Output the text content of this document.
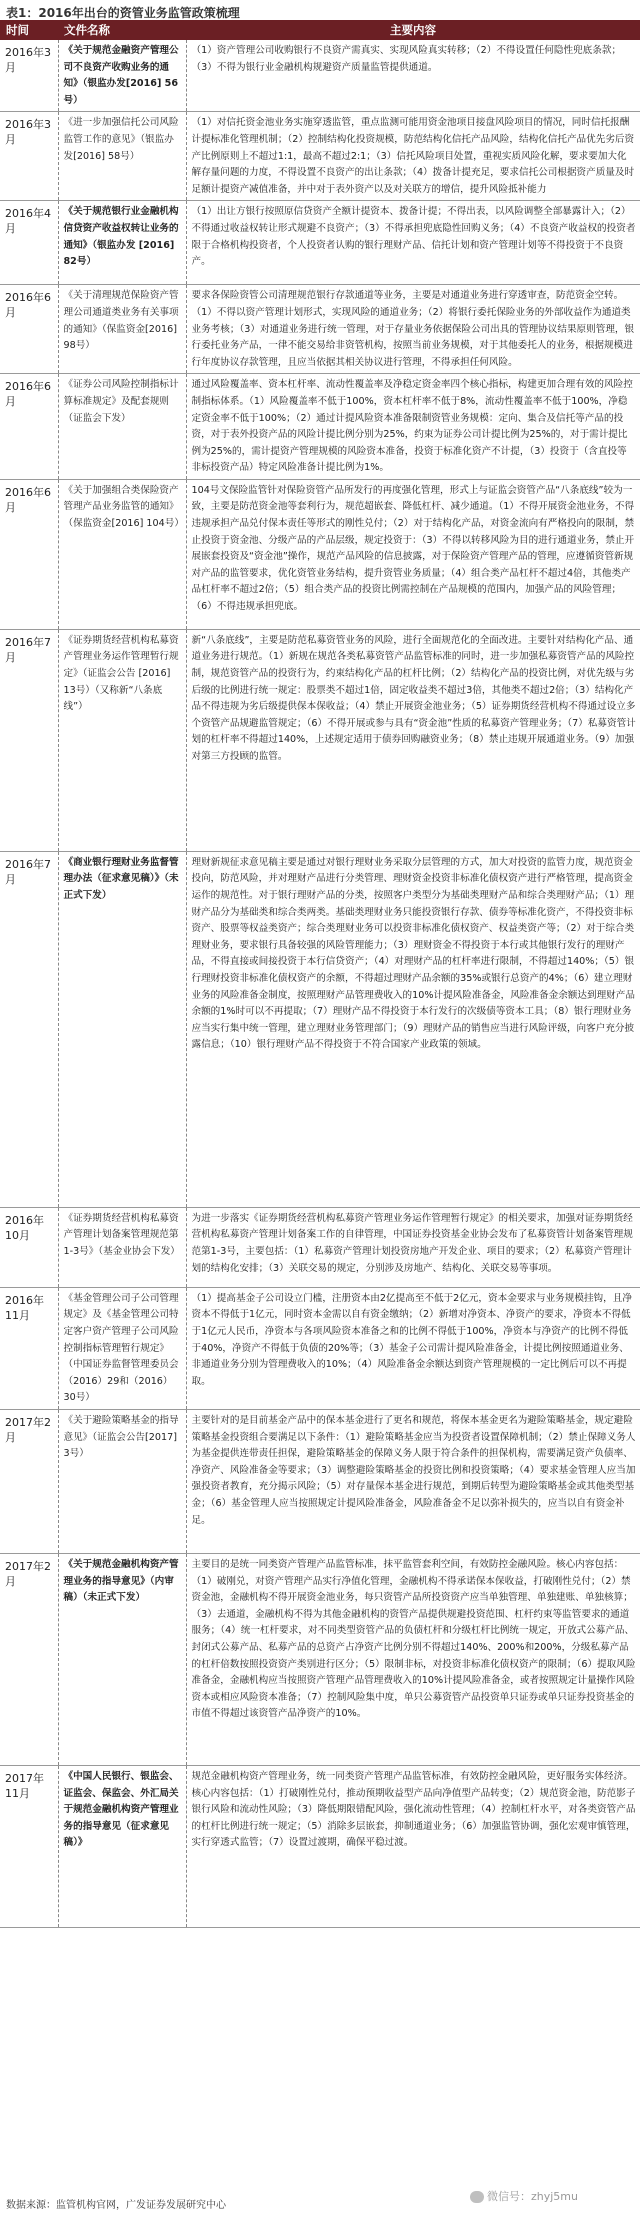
表1：2016年出台的资管业务监管政策梳理
时间	文件名称	主要内容
2016年3月	《关于规范金融资产管理公司不良资产收购业务的通知》（银监办发[2016] 56号）	（1）资产管理公司收购银行不良资产需真实、实现风险真实转移；（2）不得设置任何隐性兜底条款；（3）不得为银行业金融机构规避资产质量监管提供通道。
2016年3月	《进一步加强信托公司风险监管工作的意见》（银监办发[2016] 58号）	（1）对信托资金池业务实施穿透监管，重点监测可能用资金池项目接盘风险项目的情况，同时信托报酬计提标准化管理机制；（2）控制结构化投资规模，防范结构化信托产品风险，结构化信托产品优先劣后资产比例原则上不超过1:1，最高不超过2:1；（3）信托风险项目处置，重视实质风险化解，要求要加大化解存量问题的力度，不得设置不良资产的出让条款；（4）拨备计提充足，要求信托公司根据资产质量及时足额计提资产减值准备，并中对于表外资产以及对关联方的增信，提升风险抵补能力
2016年4月	《关于规范银行业金融机构信贷资产收益权转让业务的通知》（银监办发 [2016] 82号）	（1）出让方银行按照原信贷资产全额计提资本、拨备计提；不得出表，以风险调整全部暴露计入；（2）不得通过收益权转让形式规避不良资产；（3）不得承担兜底隐性回购义务；（4）不良资产收益权的投资者限于合格机构投资者，个人投资者认购的银行理财产品、信托计划和资产管理计划等不得投资于不良资产。
2016年6月	《关于清理规范保险资产管理公司通道类业务有关事项的通知》（保监资金[2016] 98号）	要求各保险资管公司清理规范银行存款通道等业务，主要是对通道业务进行穿透审查，防范资金空转。（1）不得以资产管理计划形式，实现风险的通道业务；（2）将银行委托保险业务的外部收益作为通道类业务考核；（3）对通道业务进行统一管理，对于存量业务依据保险公司出具的管理协议结果原则管理，银行委托业务产品，一律不能交易给非资管机构，按照当前业务规模，对于其他委托人的业务，根据规模进行年度协议存款管理，且应当依据其相关协议进行管理，不得承担任何风险。
2016年6月	《证券公司风险控制指标计算标准规定》及配套规则（证监会下发）	通过风险覆盖率、资本杠杆率、流动性覆盖率及净稳定资金率四个核心指标，构建更加合理有效的风险控制指标体系。（1）风险覆盖率不低于100%，资本杠杆率不低于8%，流动性覆盖率不低于100%，净稳定资金率不低于100%；（2）通过计提风险资本准备限制资管业务规模：定向、集合及信托等产品的投资，对于表外投资产品的风险计提比例分别为25%，约束为证券公司计提比例为25%的，对于需计提比例为25%的，需计提资产管理规模的风险资本准备，投资于标准化资产不计提，（3）投资于（含直投等非标投资产品）特定风险准备计提比例为1%。
2016年6月	《关于加强组合类保险资产管理产品业务监管的通知》（保监资金[2016] 104号）	104号文保险监管针对保险资管产品所发行的再度强化管理，形式上与证监会资管产品“八条底线”较为一致，主要是防范资金池等套利行为，规范超嵌套、降低杠杆、减少通道。（1）不得开展资金池业务，不得违规承担产品兑付保本责任等形式的刚性兑付；（2）对于结构化产品，对资金流向有严格投向的限制，禁止投资于资金池、分级产品的产品层级，规定投资于：（3）不得以转移风险为目的进行通道业务，禁止开展嵌套投资及“资金池”操作，规范产品风险的信息披露，对于保险资产管理产品的管理，应遵循资管新规对产品的监管要求，优化资管业务结构，提升资管业务质量；（4）组合类产品杠杆不超过4倍，其他类产品杠杆率不超过2倍；（5）组合类产品的投资比例需控制在产品规模的范围内，加强产品的风险管理；（6）不得违规承担兜底。
2016年7月	《证券期货经营机构私募资产管理业务运作管理暂行规定》（证监会公告 [2016] 13号）（又称新“八条底线”）	新“八条底线”，主要是防范私募资管业务的风险，进行全面规范化的全面改进。主要针对结构化产品、通道业务进行规范。（1）新规在规范各类私募资管产品监管标准的同时，进一步加强私募资管产品的风险控制，规范资管产品的投资行为，约束结构化产品的杠杆比例；（2）结构化产品的投资比例，对优先级与劣后级的比例进行统一规定：股票类不超过1倍，固定收益类不超过3倍，其他类不超过2倍；（3）结构化产品不得违规为劣后级提供保本保收益；（4）禁止开展资金池业务；（5）证券期货经营机构不得通过设立多个资管产品规避监管规定；（6）不得开展或参与具有“资金池”性质的私募资产管理业务；（7）私募资管计划的杠杆率不得超过140%，上述规定适用于债券回购融资业务；（8）禁止违规开展通道业务。（9）加强对第三方投顾的监管。
2016年7月	《商业银行理财业务监督管理办法（征求意见稿）》（未正式下发）	理财新规征求意见稿主要是通过对银行理财业务采取分层管理的方式，加大对投资的监管力度，规范资金投向，防范风险，并对理财产品进行分类管理、理财资金投资非标准化债权资产进行严格管理，提高资金运作的规范性。对于银行理财产品的分类，按照客户类型分为基础类理财产品和综合类理财产品；（1）理财产品分为基础类和综合类两类。基础类理财业务只能投资银行存款、债券等标准化资产，不得投资非标资产、股票等权益类资产；综合类理财业务可以投资非标准化债权资产、权益类资产等；（2）对于综合类理财业务，要求银行具备较强的风险管理能力；（3）理财资金不得投资于本行或其他银行发行的理财产品，不得直接或间接投资于本行信贷资产；（4）对理财产品的杠杆率进行限制，不得超过140%；（5）银行理财投资非标准化债权资产的余额，不得超过理财产品余额的35%或银行总资产的4%；（6）建立理财业务的风险准备金制度，按照理财产品管理费收入的10%计提风险准备金，风险准备金余额达到理财产品余额的1%时可以不再提取；（7）理财产品不得投资于本行发行的次级债等资本工具；（8）银行理财业务应当实行集中统一管理，建立理财业务管理部门；（9）理财产品的销售应当进行风险评级，向客户充分披露信息；（10）银行理财产品不得投资于不符合国家产业政策的领域。
2016年10月	《证券期货经营机构私募资产管理计划备案管理规范第1-3号》（基金业协会下发）	为进一步落实《证券期货经营机构私募资产管理业务运作管理暂行规定》的相关要求，加强对证券期货经营机构私募资产管理计划备案工作的自律管理，中国证券投资基金业协会发布了私募资管计划备案管理规范第1-3号，主要包括：（1）私募资产管理计划投资房地产开发企业、项目的要求；（2）私募资产管理计划的结构化安排；（3）关联交易的规定，分别涉及房地产、结构化、关联交易等事项。
2016年11月	《基金管理公司子公司管理规定》及《基金管理公司特定客户资产管理子公司风险控制指标管理暂行规定》（中国证券监督管理委员会（2016）29和（2016）30号）	（1）提高基金子公司设立门槛，注册资本由2亿提高至不低于2亿元，资本金要求与业务规模挂钩，且净资本不得低于1亿元，同时资本金需以自有资金缴纳；（2）新增对净资本、净资产的要求，净资本不得低于1亿元人民币，净资本与各项风险资本准备之和的比例不得低于100%，净资本与净资产的比例不得低于40%，净资产不得低于负债的20%等；（3）基金子公司需计提风险准备金，计提比例按照通道业务、非通道业务分别为管理费收入的10%；（4）风险准备金余额达到资产管理规模的一定比例后可以不再提取。
2017年2月	《关于避险策略基金的指导意见》（证监会公告[2017] 3号）	主要针对的是目前基金产品中的保本基金进行了更名和规范，将保本基金更名为避险策略基金，规定避险策略基金投资组合要满足以下条件：（1）避险策略基金应当为投资者设置保障机制；（2）禁止保障义务人为基金提供连带责任担保，避险策略基金的保障义务人限于符合条件的担保机构，需要满足资产负债率、净资产、风险准备金等要求；（3）调整避险策略基金的投资比例和投资策略；（4）要求基金管理人应当加强投资者教育，充分揭示风险；（5）对存量保本基金进行规范，到期后转型为避险策略基金或其他类型基金；（6）基金管理人应当按照规定计提风险准备金，风险准备金不足以弥补损失的，应当以自有资金补足。
2017年2月	《关于规范金融机构资产管理业务的指导意见》（内审稿）（未正式下发）	主要目的是统一同类资产管理产品监管标准，抹平监管套利空间，有效防控金融风险。核心内容包括：（1）破刚兑，对资产管理产品实行净值化管理，金融机构不得承诺保本保收益，打破刚性兑付；（2）禁资金池，金融机构不得开展资金池业务，每只资管产品所投资资产应当单独管理、单独建账、单独核算；（3）去通道，金融机构不得为其他金融机构的资管产品提供规避投资范围、杠杆约束等监管要求的通道服务；（4）统一杠杆要求，对不同类型资管产品的负债杠杆和分级杠杆比例统一规定，开放式公募产品、封闭式公募产品、私募产品的总资产占净资产比例分别不得超过140%、200%和200%，分级私募产品的杠杆倍数按照投资资产类别进行区分；（5）限制非标，对投资非标准化债权资产的限制；（6）提取风险准备金，金融机构应当按照资产管理产品管理费收入的10%计提风险准备金，或者按照规定计量操作风险资本或相应风险资本准备；（7）控制风险集中度，单只公募资管产品投资单只证券或单只证券投资基金的市值不得超过该资管产品净资产的10%。
2017年11月	《中国人民银行、银监会、证监会、保监会、外汇局关于规范金融机构资产管理业务的指导意见（征求意见稿）》	规范金融机构资产管理业务，统一同类资产管理产品监管标准，有效防控金融风险，更好服务实体经济。核心内容包括：（1）打破刚性兑付，推动预期收益型产品向净值型产品转变；（2）规范资金池，防范影子银行风险和流动性风险；（3）降低期限错配风险，强化流动性管理；（4）控制杠杆水平，对各类资管产品的杠杆比例进行统一规定；（5）消除多层嵌套，抑制通道业务；（6）加强监管协调，强化宏观审慎管理，实行穿透式监管；（7）设置过渡期，确保平稳过渡。
数据来源：监管机构官网，广发证券发展研究中心
微信号：zhyj5mu
